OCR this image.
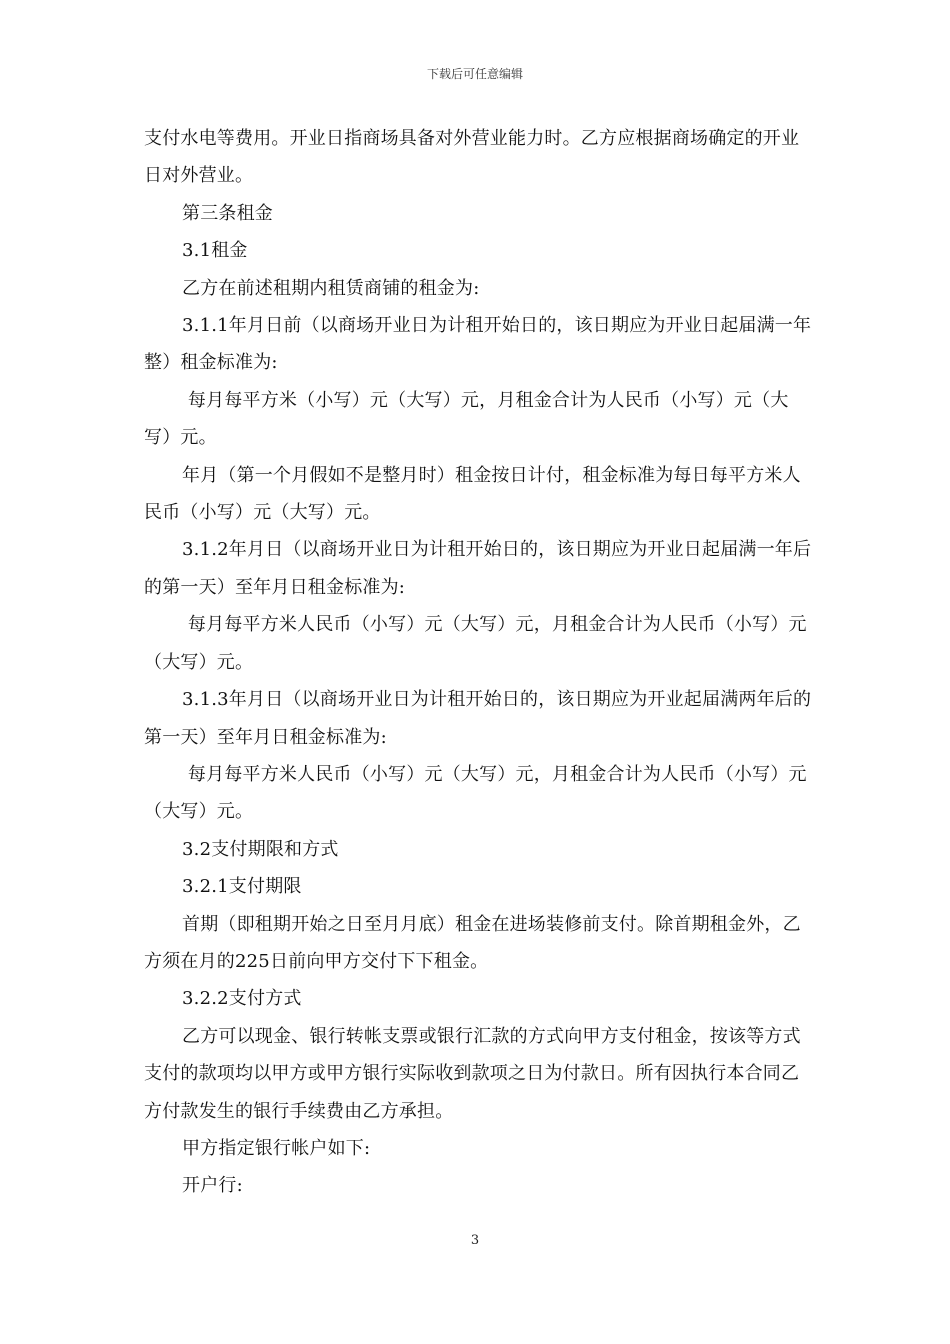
下载后可任意编辑

支付水电等费用。开业日指商场具备对外营业能力时。乙方应根据商场确定的开业日对外营业。

第三条租金

3.1租金

乙方在前述租期内租赁商铺的租金为:

3.1.1年月日前（以商场开业日为计租开始日的，该日期应为开业日起届满一年整）租金标准为:

每月每平方米（小写）元（大写）元，月租金合计为人民币（小写）元（大写）元。

年月（第一个月假如不是整月时）租金按日计付，租金标准为每日每平方米人民币（小写）元（大写）元。

3.1.2年月日（以商场开业日为计租开始日的，该日期应为开业日起届满一年后的第一天）至年月日租金标准为:

每月每平方米人民币（小写）元（大写）元，月租金合计为人民币（小写）元（大写）元。

3.1.3年月日（以商场开业日为计租开始日的，该日期应为开业起届满两年后的第一天）至年月日租金标准为:

每月每平方米人民币（小写）元（大写）元，月租金合计为人民币（小写）元（大写）元。

3.2支付期限和方式

3.2.1支付期限

首期（即租期开始之日至月月底）租金在进场装修前支付。除首期租金外，乙方须在月的225日前向甲方交付下下租金。

3.2.2支付方式

乙方可以现金、银行转帐支票或银行汇款的方式向甲方支付租金，按该等方式支付的款项均以甲方或甲方银行实际收到款项之日为付款日。所有因执行本合同乙方付款发生的银行手续费由乙方承担。

甲方指定银行帐户如下:

开户行:

3
